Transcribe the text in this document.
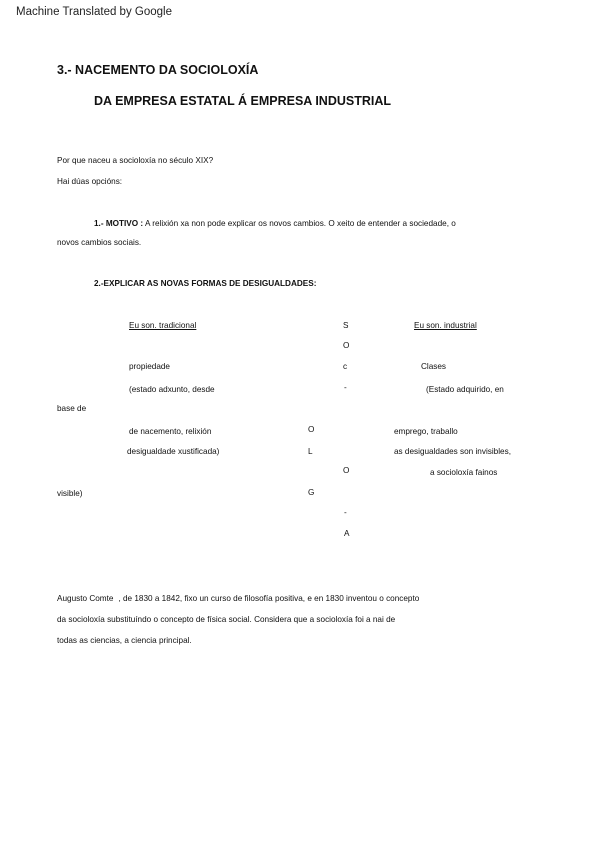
Machine Translated by Google
3.- NACEMENTO DA SOCIOLOXÍA
DA EMPRESA ESTATAL Á EMPRESA INDUSTRIAL
Por que naceu a socioloxía no século XIX?
Hai dúas opcións:
1.- MOTIVO : A relixión xa non pode explicar os novos cambios. O xeito de entender a sociedade, o
novos cambios sociais.
2.-EXPLICAR AS NOVAS FORMAS DE DESIGUALDADES:
Eu son. tradicional	Eu son. industrial
propiedade
(estado adxunto, desde
base de
de nacemento, relixión
desigualdade xustificada)
visible)
Clases
(Estado adquirido, en
emprego, traballo
as desigualdades son invisibles,
a socioloxía fainos
S
O
c
-
O
-
A
O
L
G
Augusto Comte , de 1830 a 1842, fixo un curso de filosofía positiva, e en 1830 inventou o concepto
da socioloxía substituíndo o concepto de física social. Considera que a socioloxía foi a nai de
todas as ciencias, a ciencia principal.
